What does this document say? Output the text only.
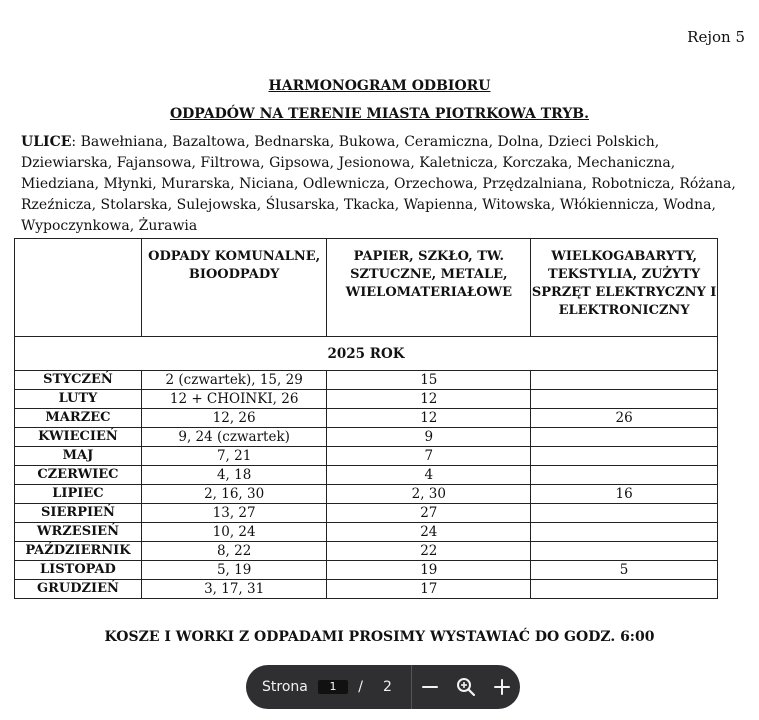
Rejon 5
HARMONOGRAM ODBIORU
ODPADÓW NA TERENIE MIASTA PIOTRKOWA TRYB.
ULICE: Bawełniana, Bazaltowa, Bednarska, Bukowa, Ceramiczna, Dolna, Dzieci Polskich, Dziewiarska, Fajansowa, Filtrowa, Gipsowa, Jesionowa, Kaletnicza, Korczaka, Mechaniczna, Miedziana, Młynki, Murarska, Niciana, Odlewnicza, Orzechowa, Przędzalniana, Robotnicza, Różana, Rzeźnicza, Stolarska, Sulejowska, Ślusarska, Tkacka, Wapienna, Witowska, Włókiennicza, Wodna, Wypoczynkowa, Żurawia
	ODPADY KOMUNALNE, BIOODPADY	PAPIER, SZKŁO, TW. SZTUCZNE, METALE, WIELOMATERIAŁOWE	WIELKOGABARYTY, TEKSTYLIA, ZUŻYTY SPRZĘT ELEKTRYCZNY I ELEKTRONICZNY
2025 ROK			
STYCZEŃ	2 (czwartek), 15, 29	15	
LUTY	12 + CHOINKI, 26	12	
MARZEC	12, 26	12	26
KWIECIEŃ	9, 24 (czwartek)	9	
MAJ	7, 21	7	
CZERWIEC	4, 18	4	
LIPIEC	2, 16, 30	2, 30	16
SIERPIEŃ	13, 27	27	
WRZESIEŃ	10, 24	24	
PAŹDZIERNIK	8, 22	22	
LISTOPAD	5, 19	19	5
GRUDZIEŃ	3, 17, 31	17	
KOSZE I WORKI Z ODPADAMI PROSIMY WYSTAWIAĆ DO GODZ. 6:00
Strona	1	/ 2
